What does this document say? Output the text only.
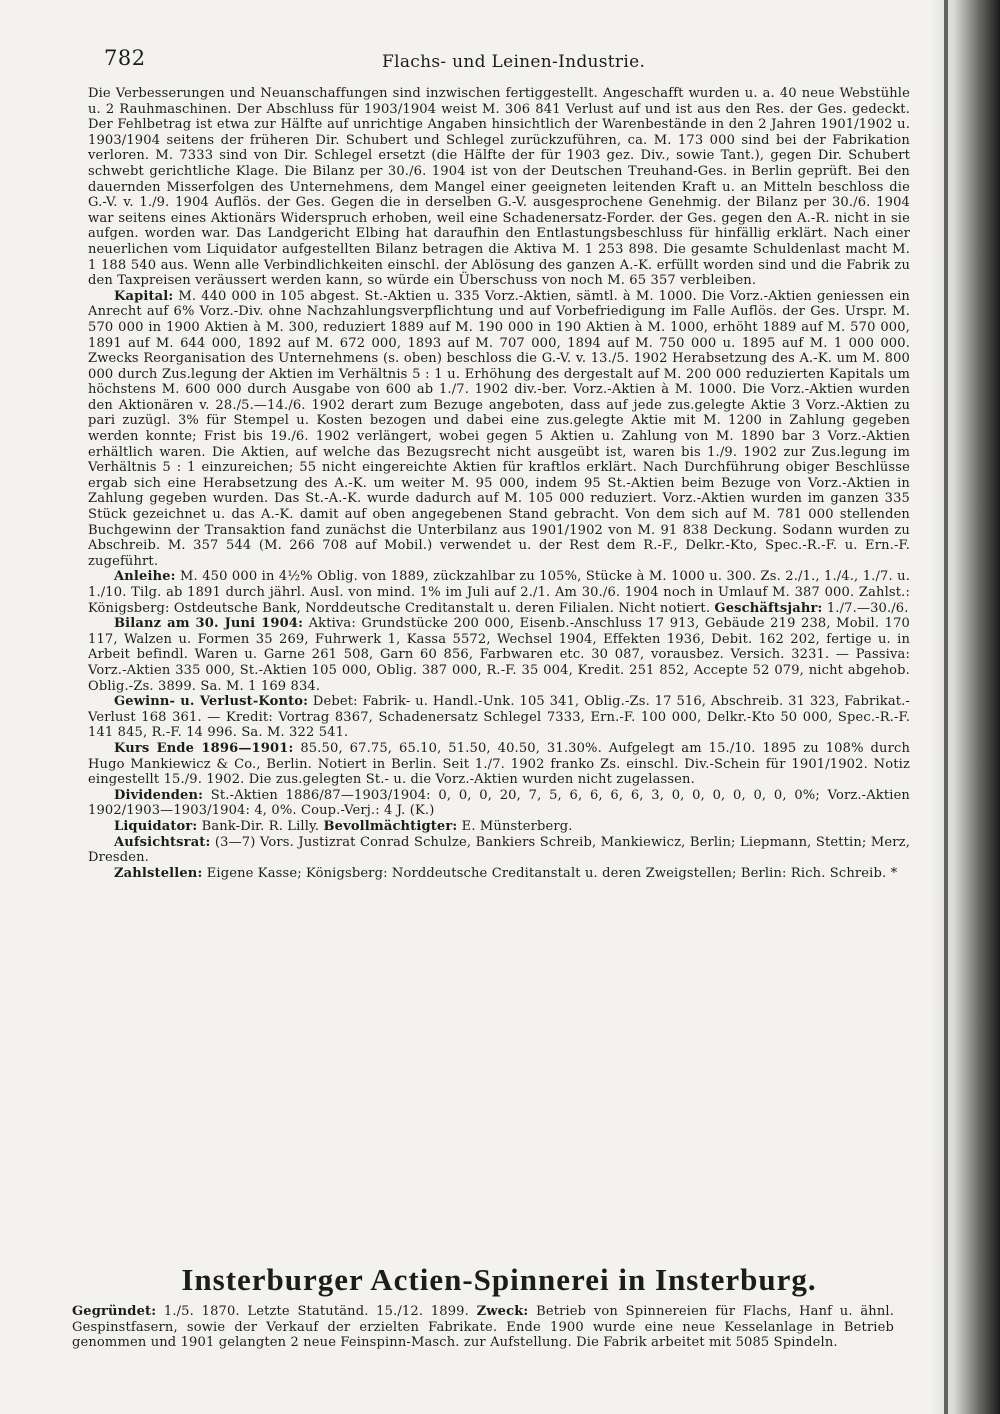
782	Flachs- und Leinen-Industrie.

Die Verbesserungen und Neuanschaffungen sind inzwischen fertiggestellt. Angeschafft wurden u. a. 40 neue Webstühle u. 2 Rauhmaschinen. Der Abschluss für 1903/1904 weist M. 306 841 Verlust auf und ist aus den Res. der Ges. gedeckt. Der Fehlbetrag ist etwa zur Hälfte auf unrichtige Angaben hinsichtlich der Warenbestände in den 2 Jahren 1901/1902 u. 1903/1904 seitens der früheren Dir. Schubert und Schlegel zurückzuführen, ca. M. 173 000 sind bei der Fabrikation verloren. M. 7333 sind von Dir. Schlegel ersetzt (die Hälfte der für 1903 gez. Div., sowie Tant.), gegen Dir. Schubert schwebt gerichtliche Klage. Die Bilanz per 30./6. 1904 ist von der Deutschen Treuhand-Ges. in Berlin geprüft. Bei den dauernden Misserfolgen des Unternehmens, dem Mangel einer geeigneten leitenden Kraft u. an Mitteln beschloss die G.-V. v. 1./9. 1904 Auflös. der Ges. Gegen die in derselben G.-V. ausgesprochene Genehmig. der Bilanz per 30./6. 1904 war seitens eines Aktionärs Widerspruch erhoben, weil eine Schadenersatz-Forder. der Ges. gegen den A.-R. nicht in sie aufgen. worden war. Das Landgericht Elbing hat daraufhin den Entlastungsbeschluss für hinfällig erklärt. Nach einer neuerlichen vom Liquidator aufgestellten Bilanz betragen die Aktiva M. 1 253 898. Die gesamte Schuldenlast macht M. 1 188 540 aus. Wenn alle Verbindlichkeiten einschl. der Ablösung des ganzen A.-K. erfüllt worden sind und die Fabrik zu den Taxpreisen veräussert werden kann, so würde ein Überschuss von noch M. 65 357 verbleiben.

Kapital: M. 440 000 in 105 abgest. St.-Aktien u. 335 Vorz.-Aktien, sämtl. à M. 1000. Die Vorz.-Aktien geniessen ein Anrecht auf 6% Vorz.-Div. ohne Nachzahlungsverpflichtung und auf Vorbefriedigung im Falle Auflös. der Ges. Urspr. M. 570 000 in 1900 Aktien à M. 300, reduziert 1889 auf M. 190 000 in 190 Aktien à M. 1000, erhöht 1889 auf M. 570 000, 1891 auf M. 644 000, 1892 auf M. 672 000, 1893 auf M. 707 000, 1894 auf M. 750 000 u. 1895 auf M. 1 000 000. Zwecks Reorganisation des Unternehmens (s. oben) beschloss die G.-V. v. 13./5. 1902 Herabsetzung des A.-K. um M. 800 000 durch Zus.legung der Aktien im Verhältnis 5 : 1 u. Erhöhung des dergestalt auf M. 200 000 reduzierten Kapitals um höchstens M. 600 000 durch Ausgabe von 600 ab 1./7. 1902 div.-ber. Vorz.-Aktien à M. 1000. Die Vorz.-Aktien wurden den Aktionären v. 28./5.—14./6. 1902 derart zum Bezuge angeboten, dass auf jede zus.gelegte Aktie 3 Vorz.-Aktien zu pari zuzügl. 3% für Stempel u. Kosten bezogen und dabei eine zus.gelegte Aktie mit M. 1200 in Zahlung gegeben werden konnte; Frist bis 19./6. 1902 verlängert, wobei gegen 5 Aktien u. Zahlung von M. 1890 bar 3 Vorz.-Aktien erhältlich waren. Die Aktien, auf welche das Bezugsrecht nicht ausgeübt ist, waren bis 1./9. 1902 zur Zus.legung im Verhältnis 5 : 1 einzureichen; 55 nicht eingereichte Aktien für kraftlos erklärt. Nach Durchführung obiger Beschlüsse ergab sich eine Herabsetzung des A.-K. um weiter M. 95 000, indem 95 St.-Aktien beim Bezuge von Vorz.-Aktien in Zahlung gegeben wurden. Das St.-A.-K. wurde dadurch auf M. 105 000 reduziert. Vorz.-Aktien wurden im ganzen 335 Stück gezeichnet u. das A.-K. damit auf oben angegebenen Stand gebracht. Von dem sich auf M. 781 000 stellenden Buchgewinn der Transaktion fand zunächst die Unterbilanz aus 1901/1902 von M. 91 838 Deckung. Sodann wurden zu Abschreib. M. 357 544 (M. 266 708 auf Mobil.) verwendet u. der Rest dem R.-F., Delkr.-Kto, Spec.-R.-F. u. Ern.-F. zugeführt.

Anleihe: M. 450 000 in 4½% Oblig. von 1889, zückzahlbar zu 105%, Stücke à M. 1000 u. 300. Zs. 2./1., 1./4., 1./7. u. 1./10. Tilg. ab 1891 durch jährl. Ausl. von mind. 1% im Juli auf 2./1. Am 30./6. 1904 noch in Umlauf M. 387 000. Zahlst.: Königsberg: Ostdeutsche Bank, Norddeutsche Creditanstalt u. deren Filialen. Nicht notiert. Geschäftsjahr: 1./7.—30./6.

Bilanz am 30. Juni 1904: Aktiva: Grundstücke 200 000, Eisenb.-Anschluss 17 913, Gebäude 219 238, Mobil. 170 117, Walzen u. Formen 35 269, Fuhrwerk 1, Kassa 5572, Wechsel 1904, Effekten 1936, Debit. 162 202, fertige u. in Arbeit befindl. Waren u. Garne 261 508, Garn 60 856, Farbwaren etc. 30 087, vorausbez. Versich. 3231. — Passiva: Vorz.-Aktien 335 000, St.-Aktien 105 000, Oblig. 387 000, R.-F. 35 004, Kredit. 251 852, Accepte 52 079, nicht abgehob. Oblig.-Zs. 3899. Sa. M. 1 169 834.

Gewinn- u. Verlust-Konto: Debet: Fabrik- u. Handl.-Unk. 105 341, Oblig.-Zs. 17 516, Abschreib. 31 323, Fabrikat.-Verlust 168 361. — Kredit: Vortrag 8367, Schadenersatz Schlegel 7333, Ern.-F. 100 000, Delkr.-Kto 50 000, Spec.-R.-F. 141 845, R.-F. 14 996. Sa. M. 322 541.

Kurs Ende 1896—1901: 85.50, 67.75, 65.10, 51.50, 40.50, 31.30%. Aufgelegt am 15./10. 1895 zu 108% durch Hugo Mankiewicz & Co., Berlin. Notiert in Berlin. Seit 1./7. 1902 franko Zs. einschl. Div.-Schein für 1901/1902. Notiz eingestellt 15./9. 1902. Die zus.gelegten St.- u. die Vorz.-Aktien wurden nicht zugelassen.

Dividenden: St.-Aktien 1886/87—1903/1904: 0, 0, 0, 20, 7, 5, 6, 6, 6, 6, 3, 0, 0, 0, 0, 0, 0, 0%; Vorz.-Aktien 1902/1903—1903/1904: 4, 0%. Coup.-Verj.: 4 J. (K.)

Liquidator: Bank-Dir. R. Lilly. Bevollmächtigter: E. Münsterberg.

Aufsichtsrat: (3—7) Vors. Justizrat Conrad Schulze, Bankiers Schreib, Mankiewicz, Berlin; Liepmann, Stettin; Merz, Dresden.

Zahlstellen: Eigene Kasse; Königsberg: Norddeutsche Creditanstalt u. deren Zweigstellen; Berlin: Rich. Schreib. *

Insterburger Actien-Spinnerei in Insterburg.

Gegründet: 1./5. 1870. Letzte Statutänd. 15./12. 1899. Zweck: Betrieb von Spinnereien für Flachs, Hanf u. ähnl. Gespinstfasern, sowie der Verkauf der erzielten Fabrikate. Ende 1900 wurde eine neue Kesselanlage in Betrieb genommen und 1901 gelangten 2 neue Feinspinn-Masch. zur Aufstellung. Die Fabrik arbeitet mit 5085 Spindeln.
